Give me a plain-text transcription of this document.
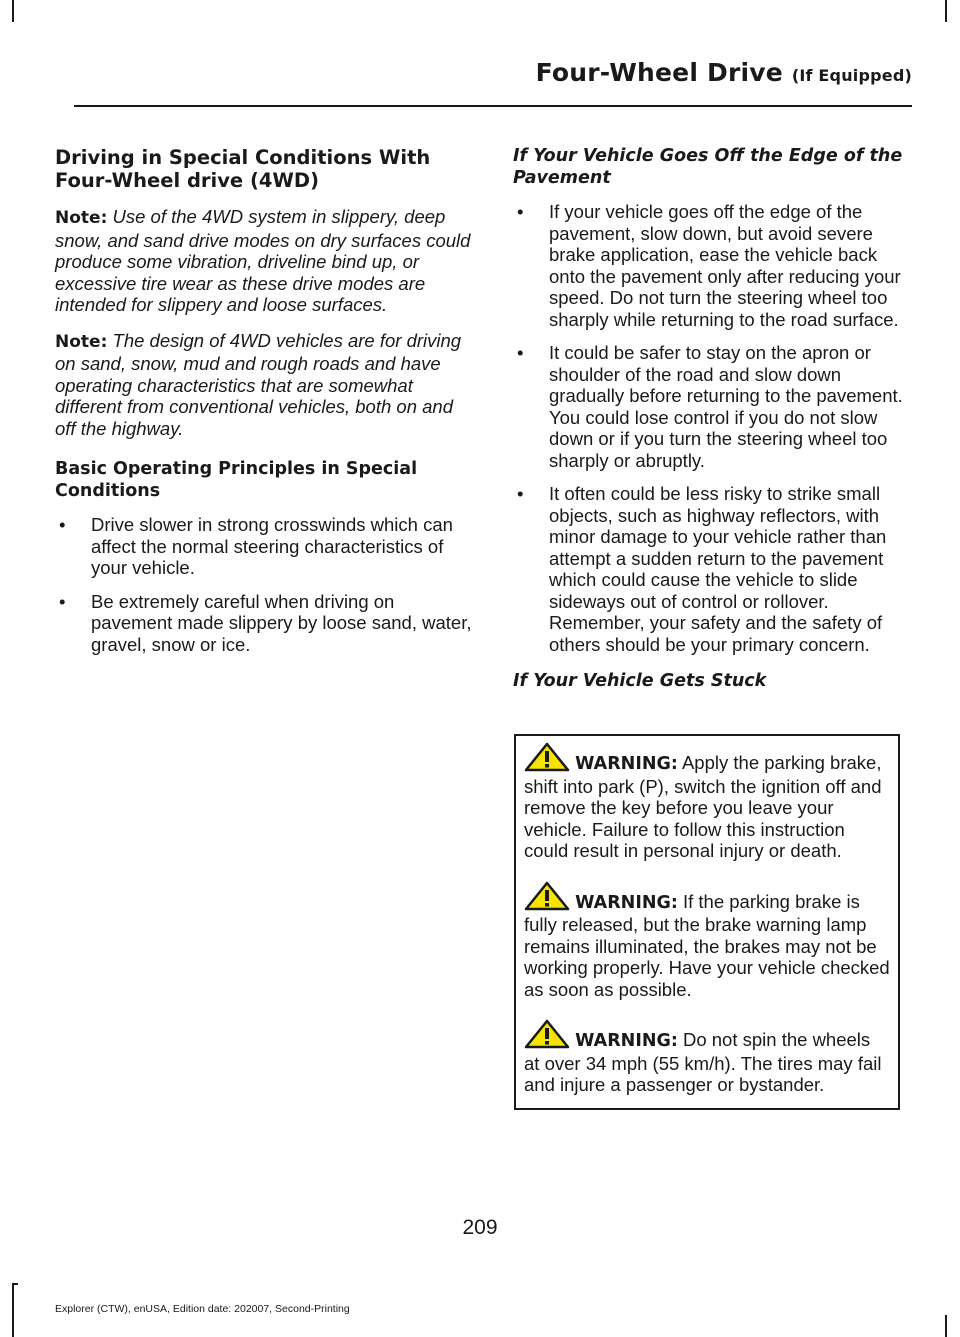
Four-Wheel Drive (If Equipped)
Driving in Special Conditions With Four-Wheel drive (4WD)

Note: Use of the 4WD system in slippery, deep snow, and sand drive modes on dry surfaces could produce some vibration, driveline bind up, or excessive tire wear as these drive modes are intended for slippery and loose surfaces.

Note: The design of 4WD vehicles are for driving on sand, snow, mud and rough roads and have operating characteristics that are somewhat different from conventional vehicles, both on and off the highway.

Basic Operating Principles in Special Conditions
• Drive slower in strong crosswinds which can affect the normal steering characteristics of your vehicle.
• Be extremely careful when driving on pavement made slippery by loose sand, water, gravel, snow or ice.
If Your Vehicle Goes Off the Edge of the Pavement
• If your vehicle goes off the edge of the pavement, slow down, but avoid severe brake application, ease the vehicle back onto the pavement only after reducing your speed. Do not turn the steering wheel too sharply while returning to the road surface.
• It could be safer to stay on the apron or shoulder of the road and slow down gradually before returning to the pavement. You could lose control if you do not slow down or if you turn the steering wheel too sharply or abruptly.
• It often could be less risky to strike small objects, such as highway reflectors, with minor damage to your vehicle rather than attempt a sudden return to the pavement which could cause the vehicle to slide sideways out of control or rollover. Remember, your safety and the safety of others should be your primary concern.
If Your Vehicle Gets Stuck

WARNING: Apply the parking brake, shift into park (P), switch the ignition off and remove the key before you leave your vehicle. Failure to follow this instruction could result in personal injury or death.

WARNING: If the parking brake is fully released, but the brake warning lamp remains illuminated, the brakes may not be working properly. Have your vehicle checked as soon as possible.

WARNING: Do not spin the wheels at over 34 mph (55 km/h). The tires may fail and injure a passenger or bystander.

209
Explorer (CTW), enUSA, Edition date: 202007, Second-Printing
